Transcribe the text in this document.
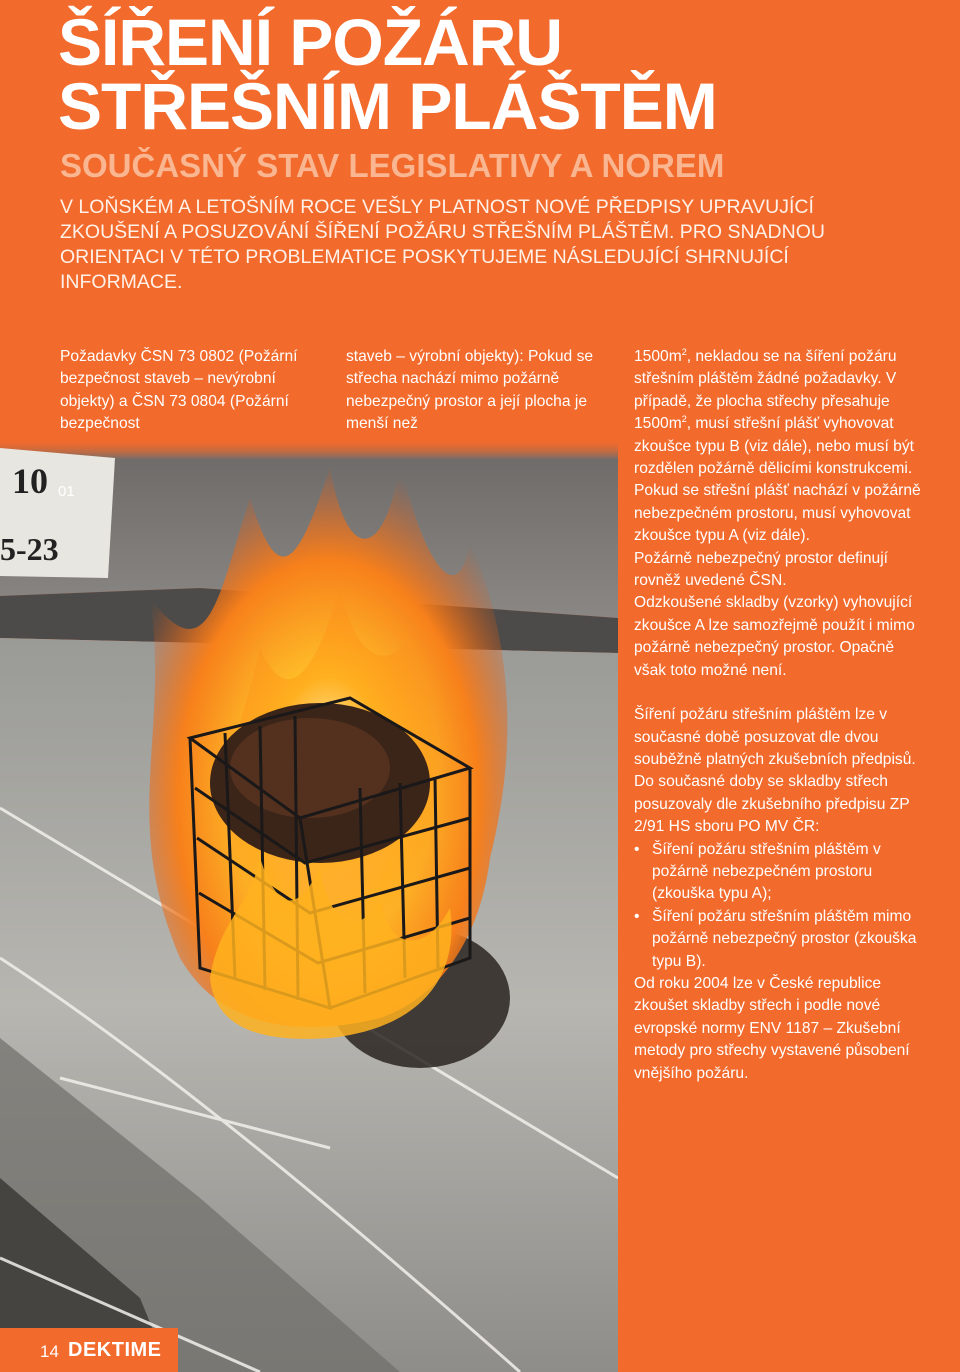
ŠÍŘENÍ POŽÁRU
STŘEŠNÍM PLÁŠTĚM
SOUČASNÝ STAV LEGISLATIVY A NOREM

V LOŇSKÉM A LETOŠNÍM ROCE VEŠLY PLATNOST NOVÉ PŘEDPISY UPRAVUJÍCÍ ZKOUŠENÍ A POSUZOVÁNÍ ŠÍŘENÍ POŽÁRU STŘEŠNÍM PLÁŠTĚM. PRO SNADNOU ORIENTACI V TÉTO PROBLEMATICE POSKYTUJEME NÁSLEDUJÍCÍ SHRNUJÍCÍ INFORMACE.

Požadavky ČSN 73 0802 (Požární bezpečnost staveb – nevýrobní objekty) a ČSN 73 0804 (Požární bezpečnost

staveb – výrobní objekty): Pokud se střecha nachází mimo požárně nebezpečný prostor a její plocha je menší než

10
5-23
01

$1500m^2$, nekladou se na šíření požáru střešním pláštěm žádné požadavky. V případě, že plocha střechy přesahuje $1500m^2$, musí střešní plášť vyhovovat zkoušce typu B (viz dále), nebo musí být rozdělen požárně dělicími konstrukcemi. Pokud se střešní plášť nachází v požárně nebezpečném prostoru, musí vyhovovat zkoušce typu A (viz dále).

Požárně nebezpečný prostor definují rovněž uvedené ČSN.

Odzkoušené skladby (vzorky) vyhovující zkoušce A lze samozřejmě použít i mimo požárně nebezpečný prostor. Opačně však toto možné není.

Šíření požáru střešním pláštěm lze v současné době posuzovat dle dvou souběžně platných zkušebních předpisů. Do současné doby se skladby střech posuzovaly dle zkušebního předpisu ZP 2/91 HS sboru PO MV ČR:

• Šíření požáru střešním pláštěm v požárně nebezpečném prostoru (zkouška typu A);

• Šíření požáru střešním pláštěm mimo požárně nebezpečný prostor (zkouška typu B).

Od roku 2004 lze v České republice zkoušet skladby střech i podle nové evropské normy ENV 1187 – Zkušební metody pro střechy vystavené působení vnějšího požáru.

14 DEKTIME
